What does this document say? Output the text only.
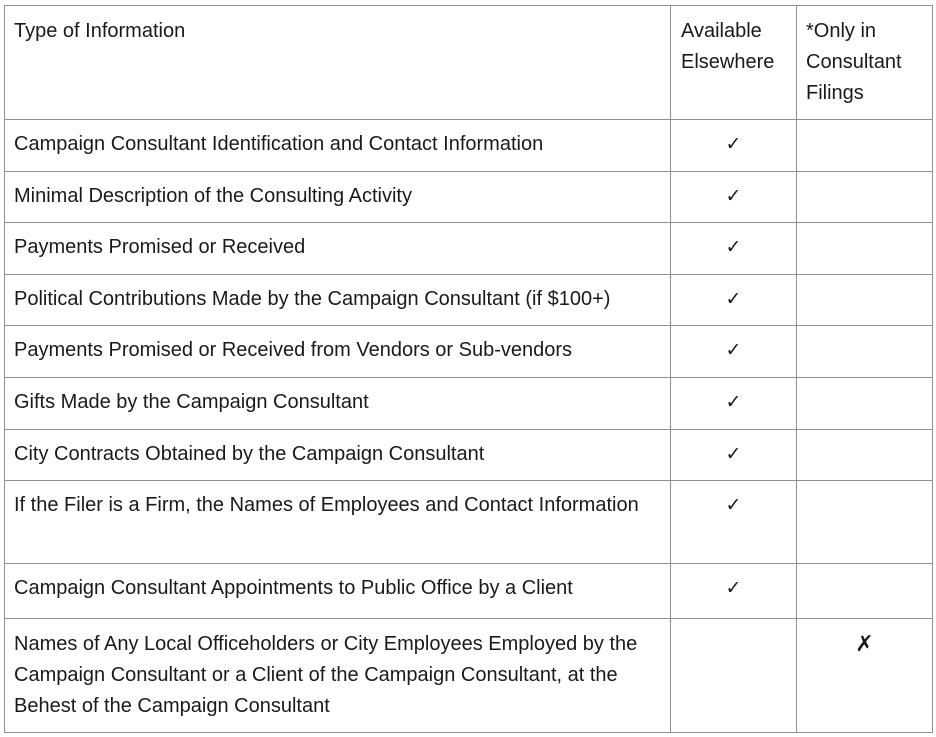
Type of Information	Available Elsewhere	*Only in Consultant Filings
Campaign Consultant Identification and Contact Information	✓	
Minimal Description of the Consulting Activity	✓	
Payments Promised or Received	✓	
Political Contributions Made by the Campaign Consultant (if $100+)	✓	
Payments Promised or Received from Vendors or Sub-vendors	✓	
Gifts Made by the Campaign Consultant	✓	
City Contracts Obtained by the Campaign Consultant	✓	
If the Filer is a Firm, the Names of Employees and Contact Information	✓	
Campaign Consultant Appointments to Public Office by a Client	✓	
Names of Any Local Officeholders or City Employees Employed by the Campaign Consultant or a Client of the Campaign Consultant, at the Behest of the Campaign Consultant		✗
